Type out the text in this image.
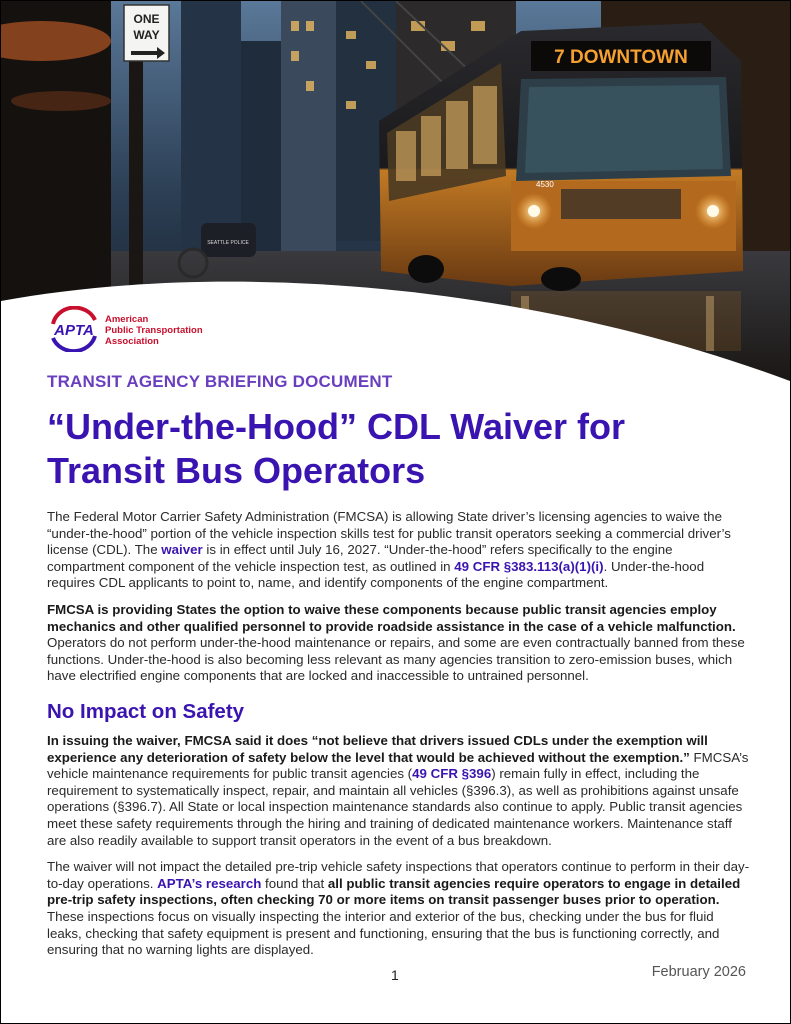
ONE
WAY
SEATTLE POLICE
7 DOWNTOWN
4530
APTA
American
Public Transportation
Association
TRANSIT AGENCY BRIEFING DOCUMENT
“Under-the-Hood” CDL Waiver for Transit Bus Operators

The Federal Motor Carrier Safety Administration (FMCSA) is allowing State driver’s licensing agencies to waive the “under-the-hood” portion of the vehicle inspection skills test for public transit operators seeking a commercial driver’s license (CDL). The waiver is in effect until July 16, 2027. “Under-the-hood” refers specifically to the engine compartment component of the vehicle inspection test, as outlined in 49 CFR §383.113(a)(1)(i). Under-the-hood requires CDL applicants to point to, name, and identify components of the engine compartment.

FMCSA is providing States the option to waive these components because public transit agencies employ mechanics and other qualified personnel to provide roadside assistance in the case of a vehicle malfunction. Operators do not perform under-the-hood maintenance or repairs, and some are even contractually banned from these functions. Under-the-hood is also becoming less relevant as many agencies transition to zero-emission buses, which have electrified engine components that are locked and inaccessible to untrained personnel.

No Impact on Safety

In issuing the waiver, FMCSA said it does “not believe that drivers issued CDLs under the exemption will experience any deterioration of safety below the level that would be achieved without the exemption.” FMCSA’s vehicle maintenance requirements for public transit agencies (49 CFR §396) remain fully in effect, including the requirement to systematically inspect, repair, and maintain all vehicles (§396.3), as well as prohibitions against unsafe operations (§396.7). All State or local inspection maintenance standards also continue to apply. Public transit agencies meet these safety requirements through the hiring and training of dedicated maintenance workers. Maintenance staff are also readily available to support transit operators in the event of a bus breakdown.

The waiver will not impact the detailed pre-trip vehicle safety inspections that operators continue to perform in their day-to-day operations. APTA’s research found that all public transit agencies require operators to engage in detailed pre-trip safety inspections, often checking 70 or more items on transit passenger buses prior to operation. These inspections focus on visually inspecting the interior and exterior of the bus, checking under the bus for fluid leaks, checking that safety equipment is present and functioning, ensuring that the bus is functioning correctly, and ensuring that no warning lights are displayed.

1	February 2026
